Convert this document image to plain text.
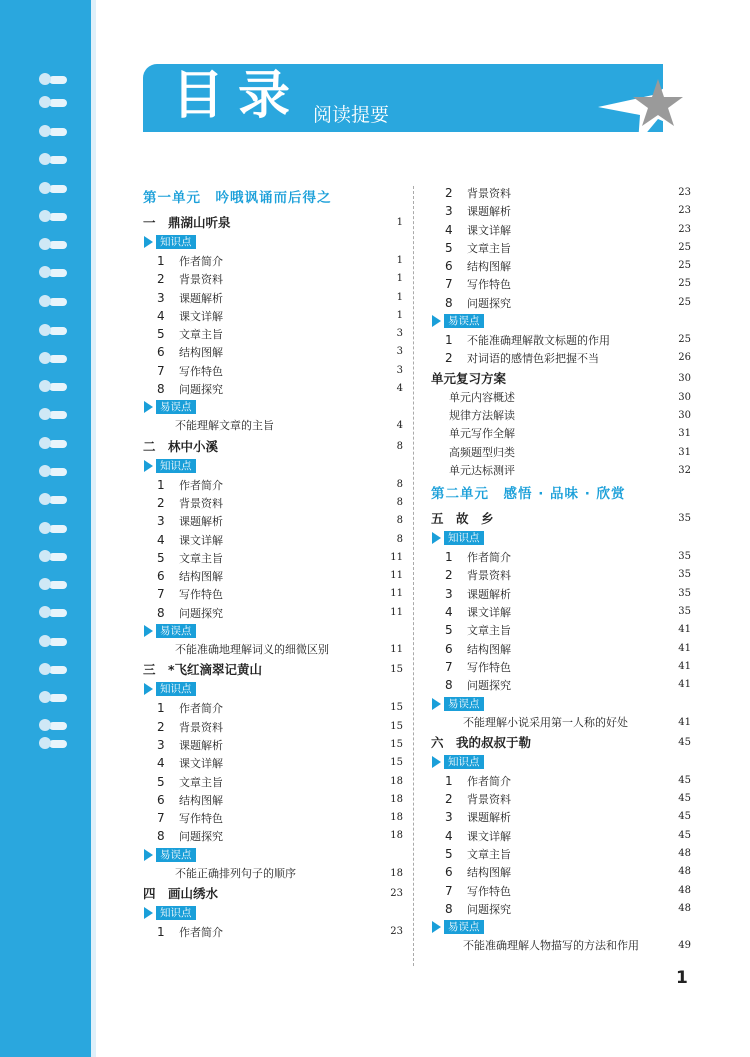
目录 阅读提要
第一单元　吟哦讽诵而后得之
一　鼎湖山听泉	1
知识点
1 作者简介	1
2 背景资料	1
3 课题解析	1
4 课文详解	1
5 文章主旨	3
6 结构图解	3
7 写作特色	3
8 问题探究	4
易误点
不能理解文章的主旨	4
二　林中小溪	8
知识点
1 作者简介	8
2 背景资料	8
3 课题解析	8
4 课文详解	8
5 文章主旨	11
6 结构图解	11
7 写作特色	11
8 问题探究	11
易误点
不能准确地理解词义的细微区别	11
三　*飞红滴翠记黄山	15
知识点
1 作者简介	15
2 背景资料	15
3 课题解析	15
4 课文详解	15
5 文章主旨	18
6 结构图解	18
7 写作特色	18
8 问题探究	18
易误点
不能正确排列句子的顺序	18
四　画山绣水	23
知识点
1 作者简介	23
2 背景资料	23
3 课题解析	23
4 课文详解	23
5 文章主旨	25
6 结构图解	25
7 写作特色	25
8 问题探究	25
易误点
1 不能准确理解散文标题的作用	25
2 对词语的感情色彩把握不当	26
单元复习方案	30
单元内容概述	30
规律方法解读	30
单元写作全解	31
高频题型归类	31
单元达标测评	32
第二单元　感悟 · 品味 · 欣赏
五　故　乡	35
知识点
1 作者简介	35
2 背景资料	35
3 课题解析	35
4 课文详解	35
5 文章主旨	41
6 结构图解	41
7 写作特色	41
8 问题探究	41
易误点
不能理解小说采用第一人称的好处	41
六　我的叔叔于勒	45
知识点
1 作者简介	45
2 背景资料	45
3 课题解析	45
4 课文详解	45
5 文章主旨	48
6 结构图解	48
7 写作特色	48
8 问题探究	48
易误点
不能准确理解人物描写的方法和作用	49
1
